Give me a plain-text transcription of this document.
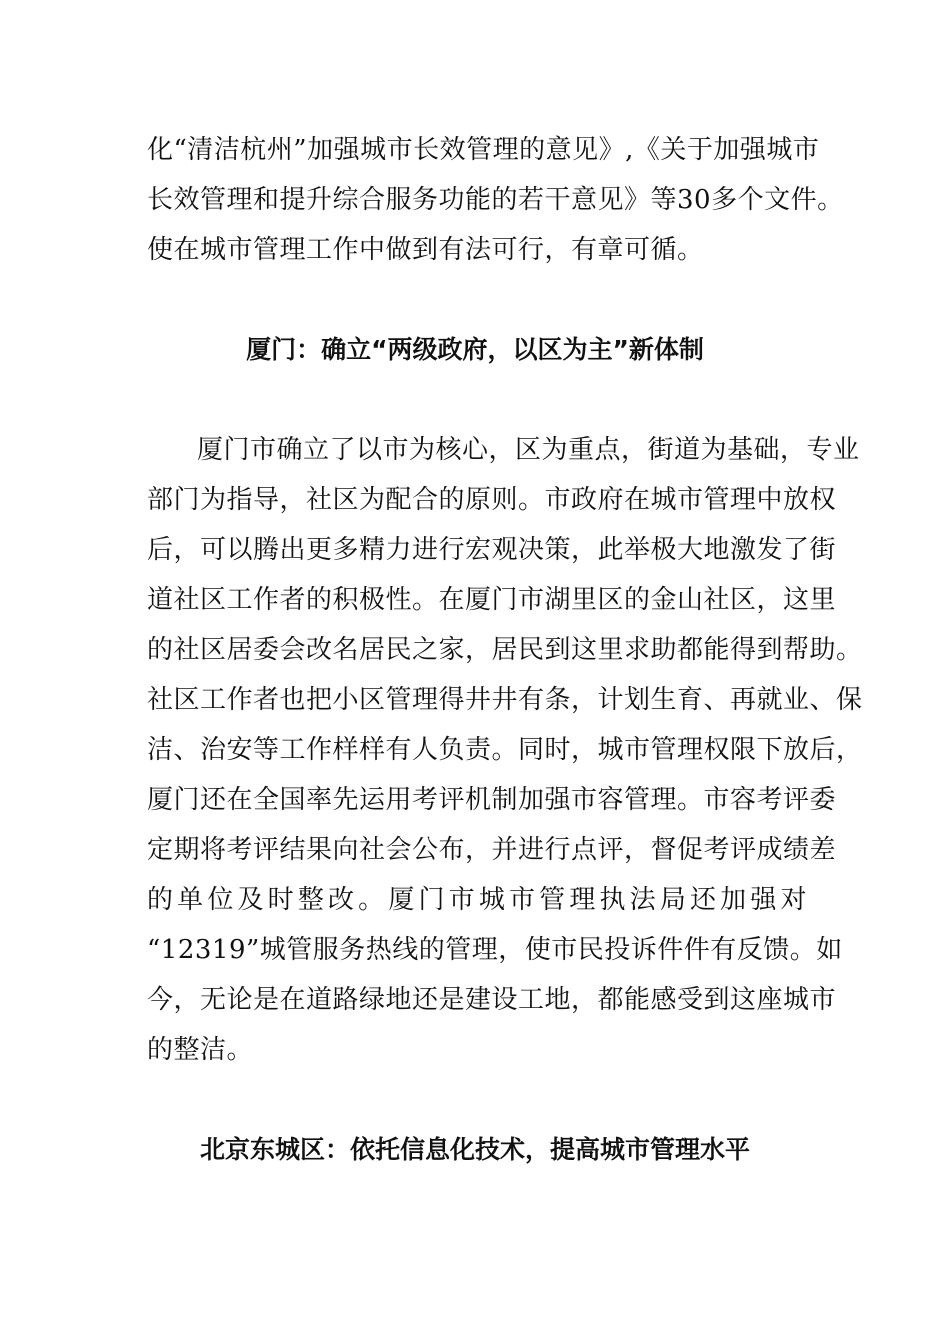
化“清洁杭州”加强城市长效管理的意见》,《关于加强城市
长效管理和提升综合服务功能的若干意见》等30多个文件。
使在城市管理工作中做到有法可行，有章可循。
厦门：确立“两级政府，以区为主”新体制
厦门市确立了以市为核心，区为重点，街道为基础，专业
部门为指导，社区为配合的原则。市政府在城市管理中放权
后，可以腾出更多精力进行宏观决策，此举极大地激发了街
道社区工作者的积极性。在厦门市湖里区的金山社区，这里
的社区居委会改名居民之家，居民到这里求助都能得到帮助。
社区工作者也把小区管理得井井有条，计划生育、再就业、保
洁、治安等工作样样有人负责。同时，城市管理权限下放后，
厦门还在全国率先运用考评机制加强市容管理。市容考评委
定期将考评结果向社会公布，并进行点评，督促考评成绩差
的单位及时整改。厦门市城市管理执法局还加强对
“12319”城管服务热线的管理，使市民投诉件件有反馈。如
今，无论是在道路绿地还是建设工地，都能感受到这座城市
的整洁。
北京东城区：依托信息化技术，提高城市管理水平
